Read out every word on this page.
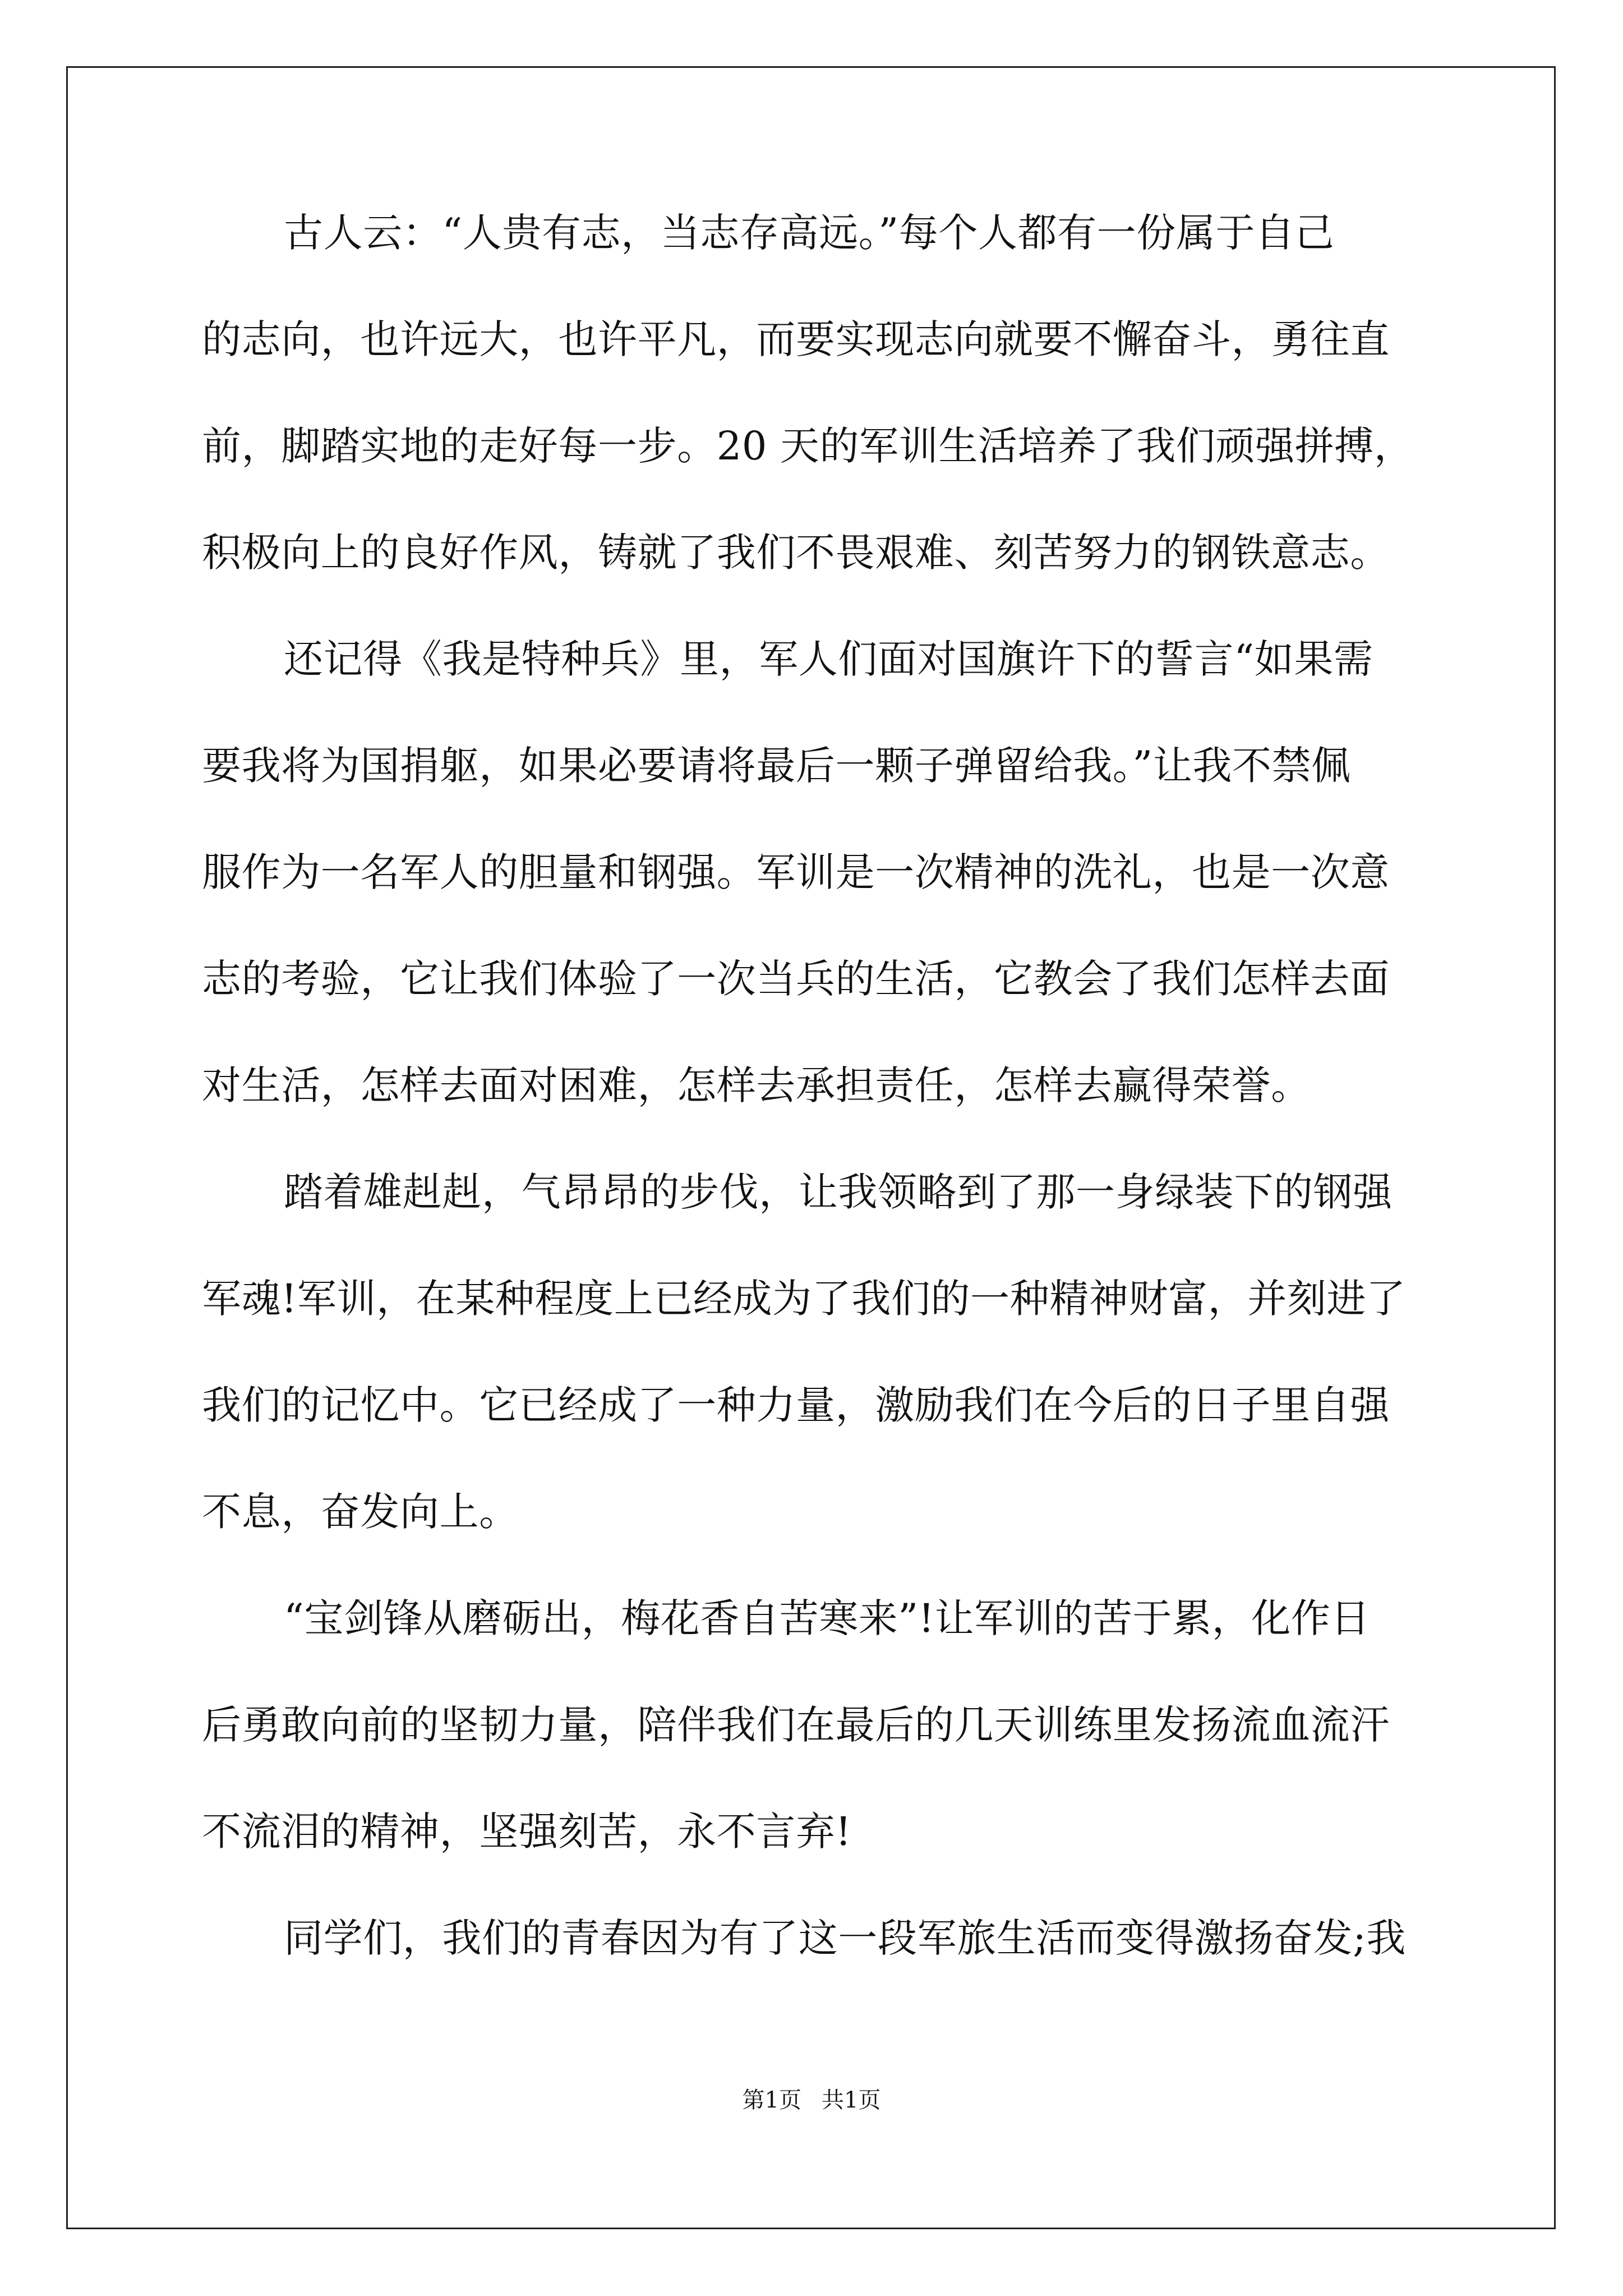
古人云：“人贵有志，当志存高远。”每个人都有一份属于自己
的志向，也许远大，也许平凡，而要实现志向就要不懈奋斗，勇往直
前，脚踏实地的走好每一步。20 天的军训生活培养了我们顽强拼搏，
积极向上的良好作风，铸就了我们不畏艰难、刻苦努力的钢铁意志。
还记得《我是特种兵》里，军人们面对国旗许下的誓言“如果需
要我将为国捐躯，如果必要请将最后一颗子弹留给我。”让我不禁佩
服作为一名军人的胆量和钢强。军训是一次精神的洗礼，也是一次意
志的考验，它让我们体验了一次当兵的生活，它教会了我们怎样去面
对生活，怎样去面对困难，怎样去承担责任，怎样去赢得荣誉。
踏着雄赳赳，气昂昂的步伐，让我领略到了那一身绿装下的钢强
军魂!军训，在某种程度上已经成为了我们的一种精神财富，并刻进了
我们的记忆中。它已经成了一种力量，激励我们在今后的日子里自强
不息，奋发向上。
“宝剑锋从磨砺出，梅花香自苦寒来”!让军训的苦于累，化作日
后勇敢向前的坚韧力量，陪伴我们在最后的几天训练里发扬流血流汗
不流泪的精神，坚强刻苦，永不言弃!
同学们，我们的青春因为有了这一段军旅生活而变得激扬奋发;我
第1页 共1页
